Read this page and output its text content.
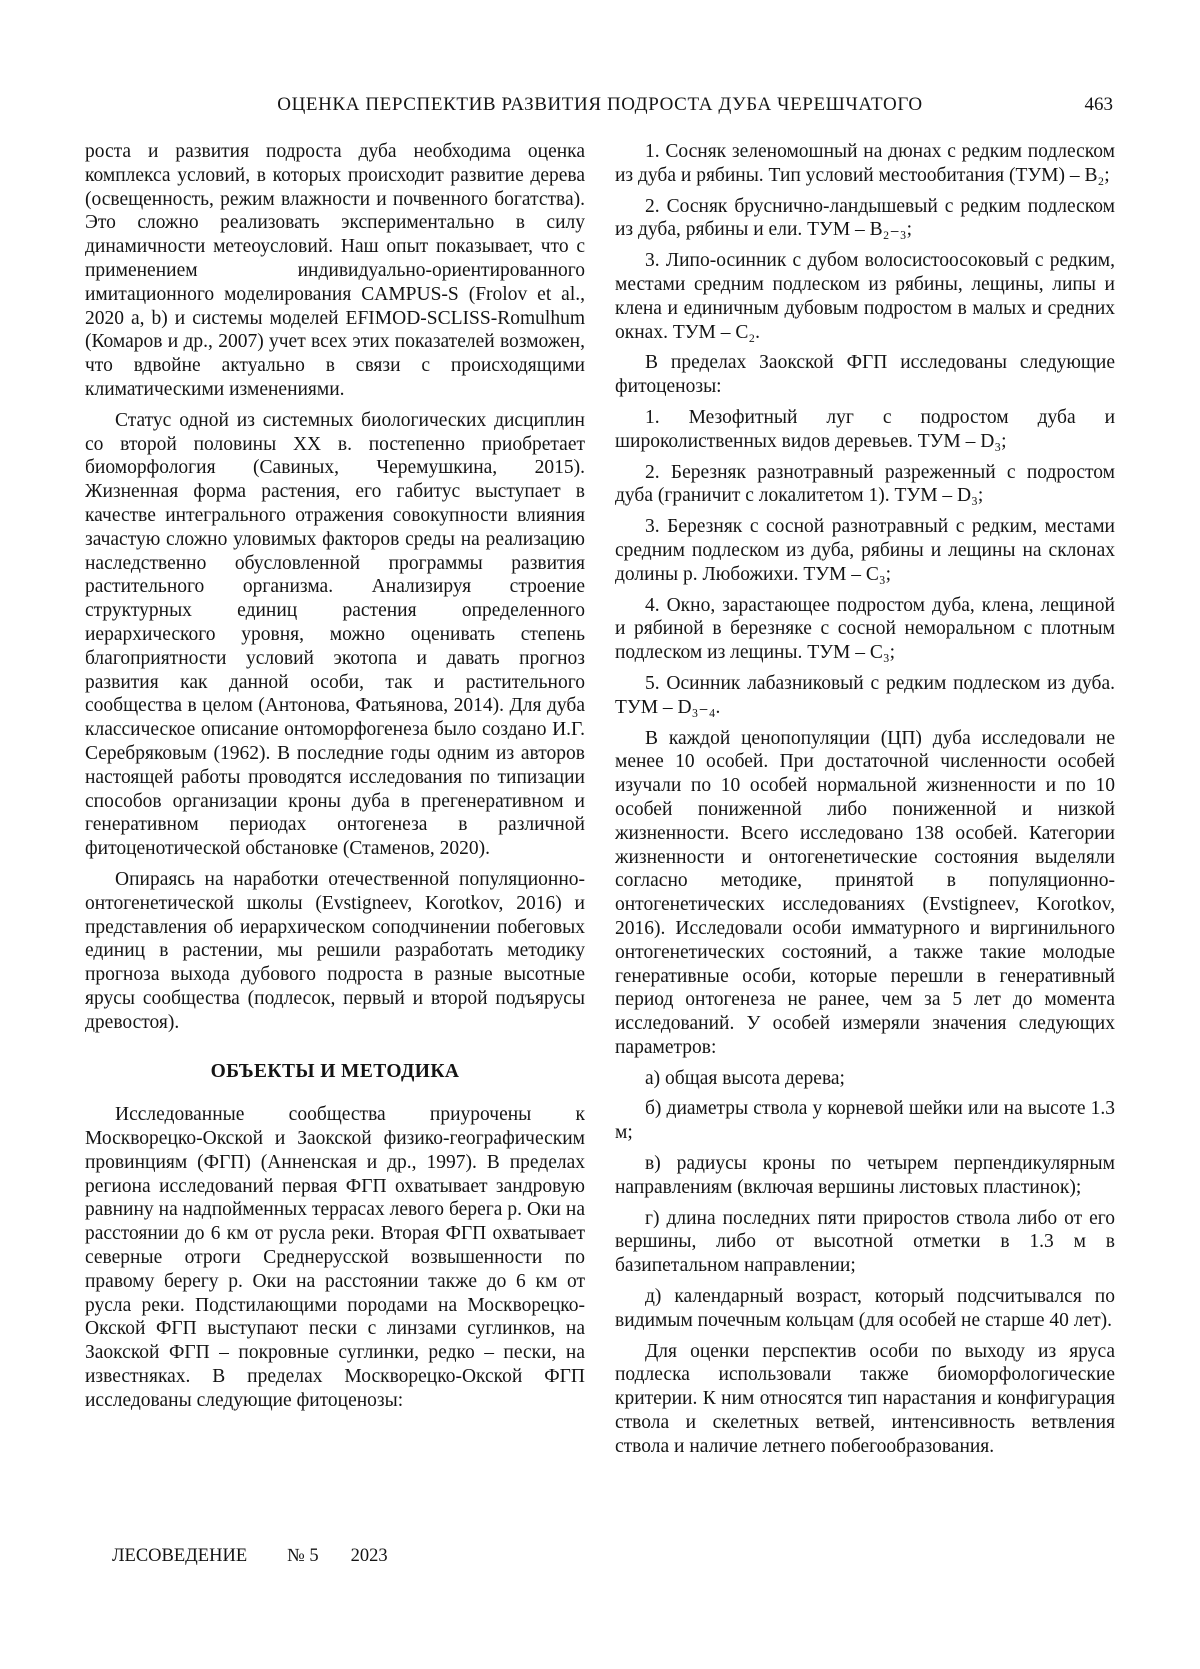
ОЦЕНКА ПЕРСПЕКТИВ РАЗВИТИЯ ПОДРОСТА ДУБА ЧЕРЕШЧАТОГО	463

роста и развития подроста дуба необходима оценка комплекса условий, в которых происходит развитие дерева (освещенность, режим влажности и почвенного богатства). Это сложно реализовать экспериментально в силу динамичности метеоусловий. Наш опыт показывает, что с применением индивидуально-ориентированного имитационного моделирования CAMPUS-S (Frolov et al., 2020 a, b) и системы моделей EFIMOD-SCLISS-Romulhum (Комаров и др., 2007) учет всех этих показателей возможен, что вдвойне актуально в связи с происходящими климатическими изменениями.

Статус одной из системных биологических дисциплин со второй половины XX в. постепенно приобретает биоморфология (Савиных, Черемушкина, 2015). Жизненная форма растения, его габитус выступает в качестве интегрального отражения совокупности влияния зачастую сложно уловимых факторов среды на реализацию наследственно обусловленной программы развития растительного организма. Анализируя строение структурных единиц растения определенного иерархического уровня, можно оценивать степень благоприятности условий экотопа и давать прогноз развития как данной особи, так и растительного сообщества в целом (Антонова, Фатьянова, 2014). Для дуба классическое описание онтоморфогенеза было создано И.Г. Серебряковым (1962). В последние годы одним из авторов настоящей работы проводятся исследования по типизации способов организации кроны дуба в прегенеративном и генеративном периодах онтогенеза в различной фитоценотической обстановке (Стаменов, 2020).

Опираясь на наработки отечественной популяционно-онтогенетической школы (Evstigneev, Korotkov, 2016) и представления об иерархическом соподчинении побеговых единиц в растении, мы решили разработать методику прогноза выхода дубового подроста в разные высотные ярусы сообщества (подлесок, первый и второй подъярусы древостоя).

ОБЪЕКТЫ И МЕТОДИКА

Исследованные сообщества приурочены к Москворецко-Окской и Заокской физико-географическим провинциям (ФГП) (Анненская и др., 1997). В пределах региона исследований первая ФГП охватывает зандровую равнину на надпойменных террасах левого берега р. Оки на расстоянии до 6 км от русла реки. Вторая ФГП охватывает северные отроги Среднерусской возвышенности по правому берегу р. Оки на расстоянии также до 6 км от русла реки. Подстилающими породами на Москворецко-Окской ФГП выступают пески с линзами суглинков, на Заокской ФГП – покровные суглинки, редко – пески, на известняках. В пределах Москворецко-Окской ФГП исследованы следующие фитоценозы:

1. Сосняк зеленомошный на дюнах с редким подлеском из дуба и рябины. Тип условий местообитания (ТУМ) – В₂;

2. Сосняк бруснично-ландышевый с редким подлеском из дуба, рябины и ели. ТУМ – В₂₋₃;

3. Липо-осинник с дубом волосистоосоковый с редким, местами средним подлеском из рябины, лещины, липы и клена и единичным дубовым подростом в малых и средних окнах. ТУМ – С₂.

В пределах Заокской ФГП исследованы следующие фитоценозы:

1. Мезофитный луг с подростом дуба и широколиственных видов деревьев. ТУМ – D₃;

2. Березняк разнотравный разреженный с подростом дуба (граничит с локалитетом 1). ТУМ – D₃;

3. Березняк с сосной разнотравный с редким, местами средним подлеском из дуба, рябины и лещины на склонах долины р. Любожихи. ТУМ – С₃;

4. Окно, зарастающее подростом дуба, клена, лещиной и рябиной в березняке с сосной неморальном с плотным подлеском из лещины. ТУМ – С₃;

5. Осинник лабазниковый с редким подлеском из дуба. ТУМ – D₃₋₄.

В каждой ценопопуляции (ЦП) дуба исследовали не менее 10 особей. При достаточной численности особей изучали по 10 особей нормальной жизненности и по 10 особей пониженной либо пониженной и низкой жизненности. Всего исследовано 138 особей. Категории жизненности и онтогенетические состояния выделяли согласно методике, принятой в популяционно-онтогенетических исследованиях (Evstigneev, Korotkov, 2016). Исследовали особи имматурного и виргинильного онтогенетических состояний, а также такие молодые генеративные особи, которые перешли в генеративный период онтогенеза не ранее, чем за 5 лет до момента исследований. У особей измеряли значения следующих параметров:

а) общая высота дерева;

б) диаметры ствола у корневой шейки или на высоте 1.3 м;

в) радиусы кроны по четырем перпендикулярным направлениям (включая вершины листовых пластинок);

г) длина последних пяти приростов ствола либо от его вершины, либо от высотной отметки в 1.3 м в базипетальном направлении;

д) календарный возраст, который подсчитывался по видимым почечным кольцам (для особей не старше 40 лет).

Для оценки перспектив особи по выходу из яруса подлеска использовали также биоморфологические критерии. К ним относятся тип нарастания и конфигурация ствола и скелетных ветвей, интенсивность ветвления ствола и наличие летнего побегообразования.

ЛЕСОВЕДЕНИЕ № 5 2023
